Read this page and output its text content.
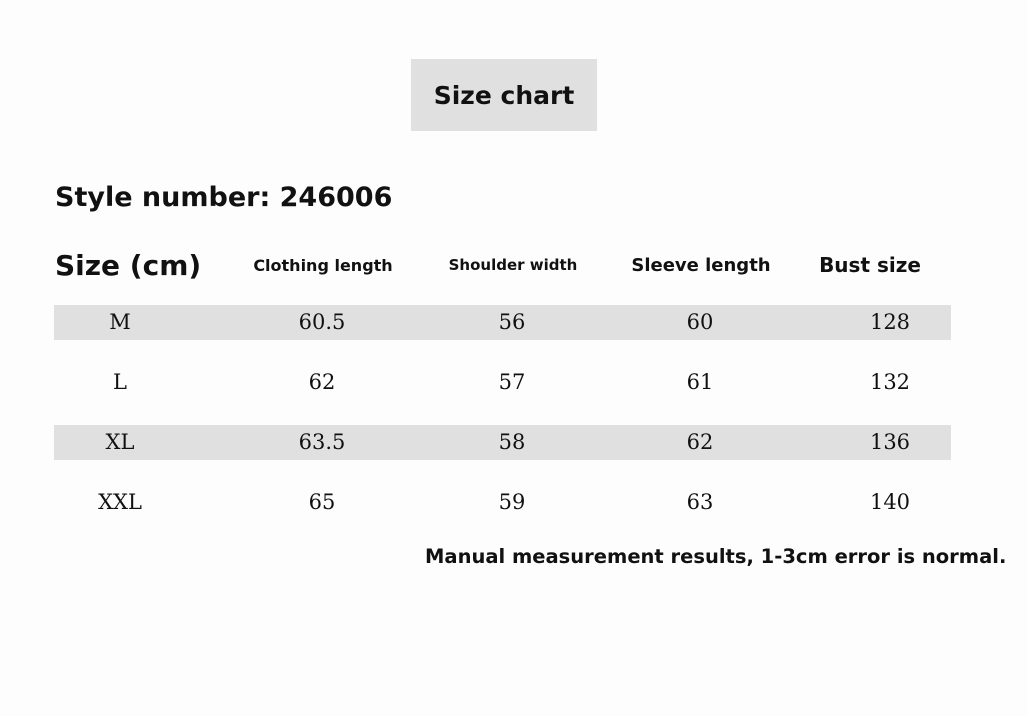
Size chart
Style number: 246006
Size (cm)	Clothing length	Shoulder width	Sleeve length	Bust size
M	60.5	56	60	128
L	62	57	61	132
XL	63.5	58	62	136
XXL	65	59	63	140
Manual measurement results, 1-3cm error is normal.
